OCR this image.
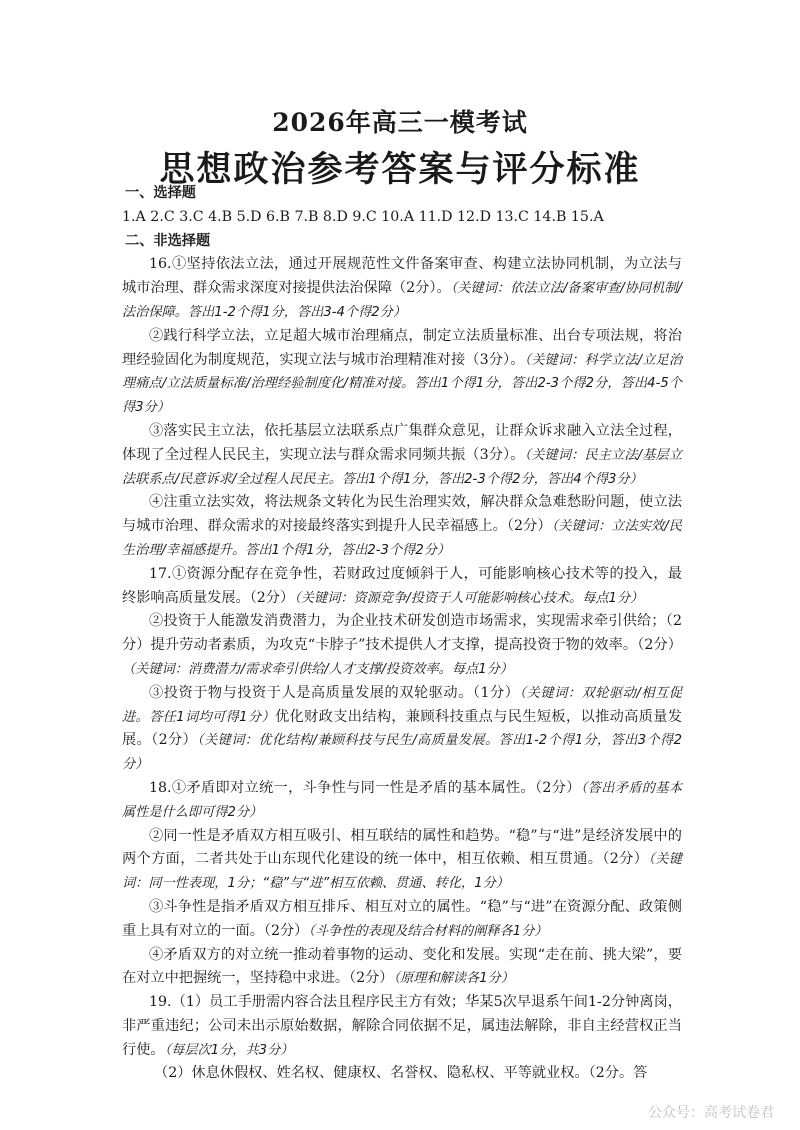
2026年高三一模考试
思想政治参考答案与评分标准

一、选择题

1.A 2.C 3.C 4.B 5.D 6.B 7.B 8.D 9.C 10.A 11.D 12.D 13.C 14.B 15.A

二、非选择题

16.①坚持依法立法，通过开展规范性文件备案审查、构建立法协同机制，为立法与城市治理、群众需求深度对接提供法治保障（2分）。（关键词：依法立法/备案审查/协同机制/法治保障。答出1-2个得1分，答出3-4个得2分）

②践行科学立法，立足超大城市治理痛点，制定立法质量标准、出台专项法规，将治理经验固化为制度规范，实现立法与城市治理精准对接（3分）。（关键词：科学立法/立足治理痛点/立法质量标准/治理经验制度化/精准对接。答出1个得1分，答出2-3个得2分，答出4-5个得3分）

③落实民主立法，依托基层立法联系点广集群众意见，让群众诉求融入立法全过程，体现了全过程人民民主，实现立法与群众需求同频共振（3分）。（关键词：民主立法/基层立法联系点/民意诉求/全过程人民民主。答出1个得1分，答出2-3个得2分，答出4个得3分）

④注重立法实效，将法规条文转化为民生治理实效，解决群众急难愁盼问题，使立法与城市治理、群众需求的对接最终落实到提升人民幸福感上。（2分）（关键词：立法实效/民生治理/幸福感提升。答出1个得1分，答出2-3个得2分）

17.①资源分配存在竞争性，若财政过度倾斜于人，可能影响核心技术等的投入，最终影响高质量发展。（2分）（关键词：资源竞争/投资于人可能影响核心技术。每点1分）

②投资于人能激发消费潜力，为企业技术研发创造市场需求，实现需求牵引供给；（2分）提升劳动者素质，为攻克“卡脖子”技术提供人才支撑，提高投资于物的效率。（2分）（关键词：消费潜力/需求牵引供给/人才支撑/投资效率。每点1分）

③投资于物与投资于人是高质量发展的双轮驱动。（1分）（关键词：双轮驱动/相互促进。答任1词均可得1分）优化财政支出结构，兼顾科技重点与民生短板，以推动高质量发展。（2分）（关键词：优化结构/兼顾科技与民生/高质量发展。答出1-2个得1分，答出3个得2分）

18.①矛盾即对立统一，斗争性与同一性是矛盾的基本属性。（2分）（答出矛盾的基本属性是什么即可得2分）

②同一性是矛盾双方相互吸引、相互联结的属性和趋势。“稳”与“进”是经济发展中的两个方面，二者共处于山东现代化建设的统一体中，相互依赖、相互贯通。（2分）（关键词：同一性表现，1分；“稳”与“进”相互依赖、贯通、转化，1分）

③斗争性是指矛盾双方相互排斥、相互对立的属性。“稳”与“进”在资源分配、政策侧重上具有对立的一面。（2分）（斗争性的表现及结合材料的阐释各1分）

④矛盾双方的对立统一推动着事物的运动、变化和发展。实现“走在前、挑大梁”，要在对立中把握统一，坚持稳中求进。（2分）（原理和解读各1分）

19.（1）员工手册需内容合法且程序民主方有效；华某5次早退系午间1-2分钟离岗，非严重违纪；公司未出示原始数据，解除合同依据不足，属违法解除，非自主经营权正当行使。（每层次1分，共3分）

（2）休息休假权、姓名权、健康权、名誉权、隐私权、平等就业权。（2分。答

公众号：高考试卷君
